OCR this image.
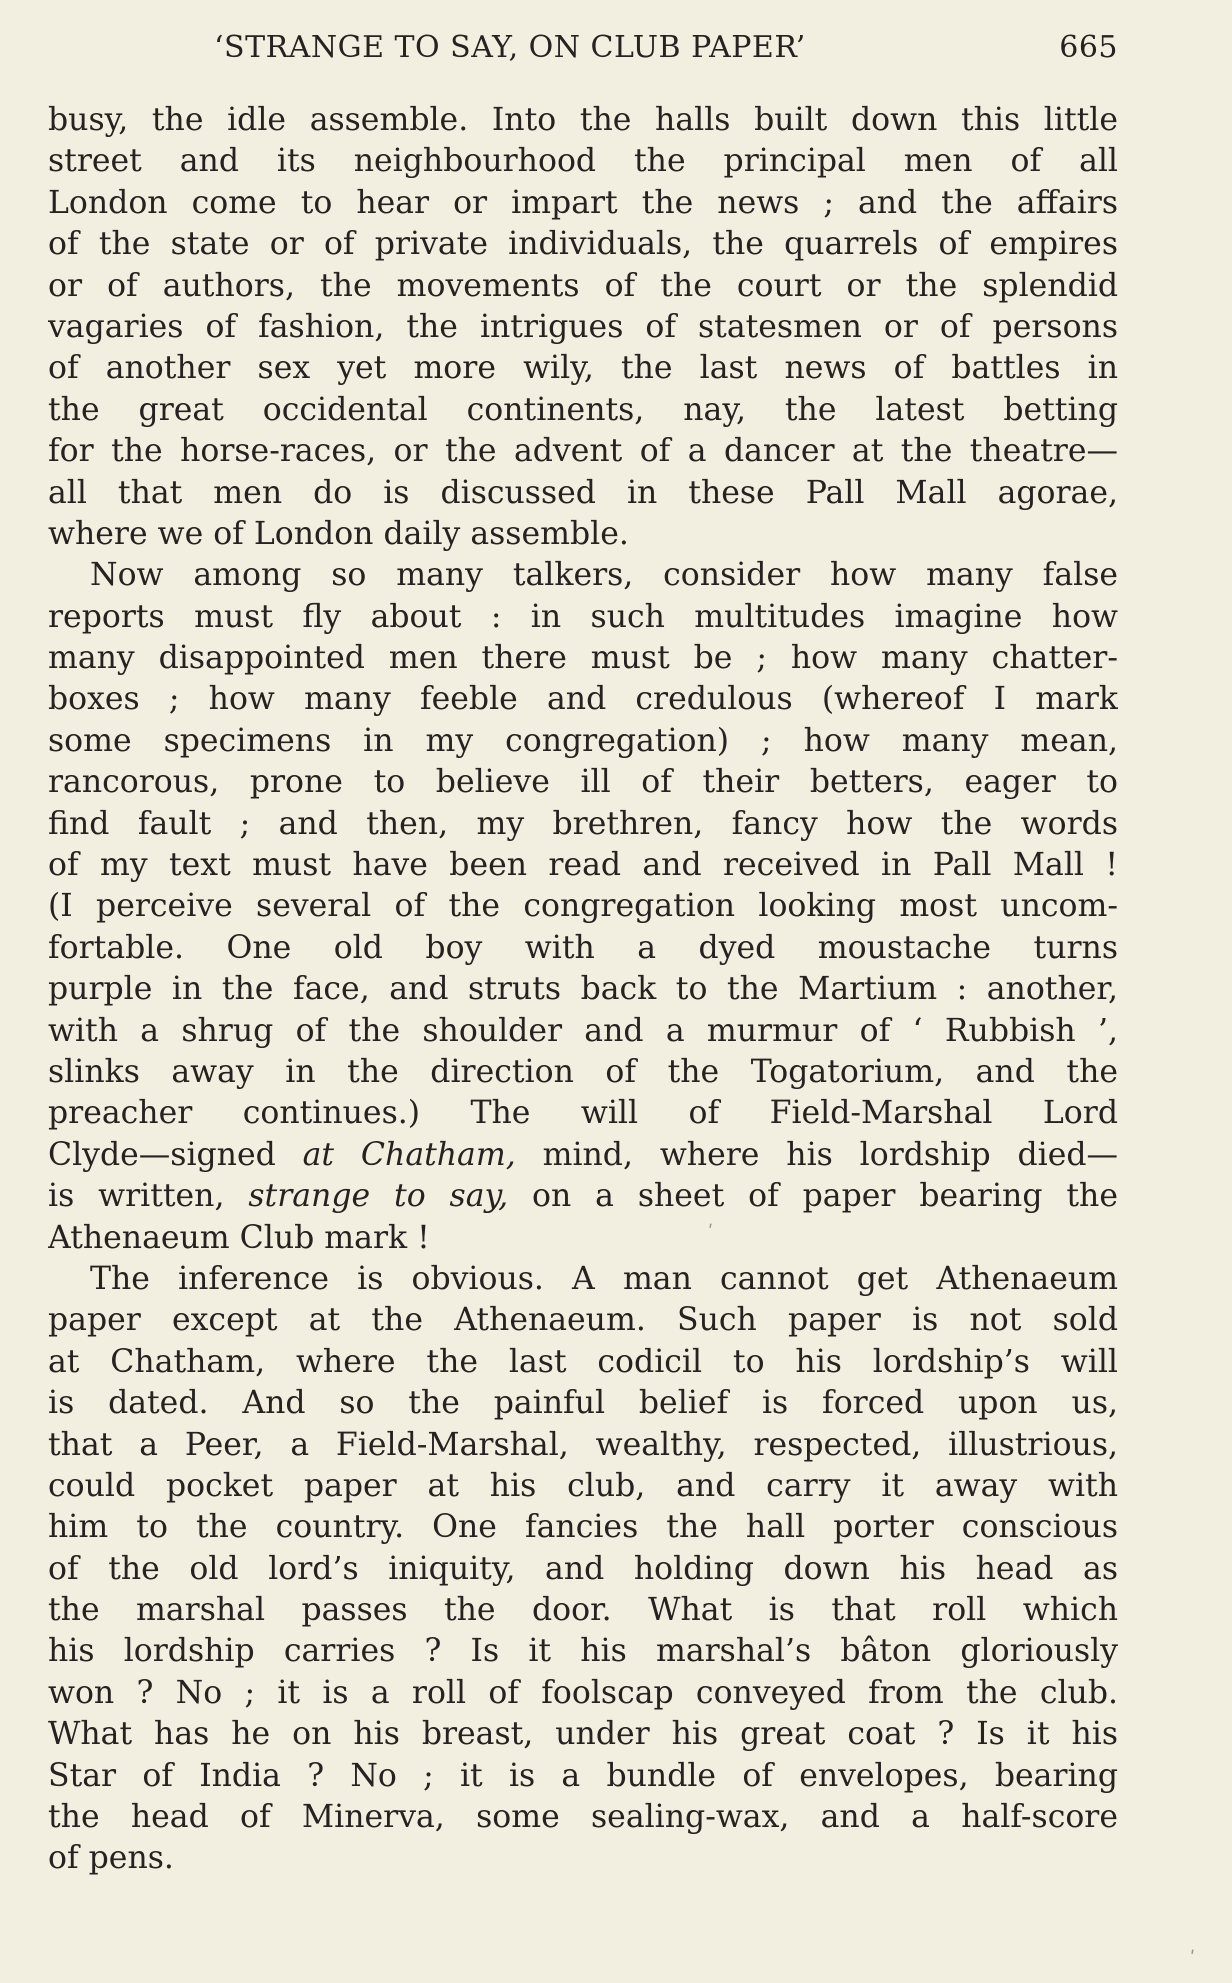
‘STRANGE TO SAY, ON CLUB PAPER’	665
busy, the idle assemble. Into the halls built down this little
street and its neighbourhood the principal men of all
London come to hear or impart the news ; and the affairs
of the state or of private individuals, the quarrels of empires
or of authors, the movements of the court or the splendid
vagaries of fashion, the intrigues of statesmen or of persons
of another sex yet more wily, the last news of battles in
the great occidental continents, nay, the latest betting
for the horse-races, or the advent of a dancer at the theatre—
all that men do is discussed in these Pall Mall agorae,
where we of London daily assemble.
Now among so many talkers, consider how many false
reports must fly about : in such multitudes imagine how
many disappointed men there must be ; how many chatter-
boxes ; how many feeble and credulous (whereof I mark
some specimens in my congregation) ; how many mean,
rancorous, prone to believe ill of their betters, eager to
find fault ; and then, my brethren, fancy how the words
of my text must have been read and received in Pall Mall !
(I perceive several of the congregation looking most uncom-
fortable. One old boy with a dyed moustache turns
purple in the face, and struts back to the Martium : another,
with a shrug of the shoulder and a murmur of ‘ Rubbish ’,
slinks away in the direction of the Togatorium, and the
preacher continues.) The will of Field-Marshal Lord
Clyde—signed at Chatham, mind, where his lordship died—
is written, strange to say, on a sheet of paper bearing the
Athenaeum Club mark !
The inference is obvious. A man cannot get Athenaeum
paper except at the Athenaeum. Such paper is not sold
at Chatham, where the last codicil to his lordship’s will
is dated. And so the painful belief is forced upon us,
that a Peer, a Field-Marshal, wealthy, respected, illustrious,
could pocket paper at his club, and carry it away with
him to the country. One fancies the hall porter conscious
of the old lord’s iniquity, and holding down his head as
the marshal passes the door. What is that roll which
his lordship carries ? Is it his marshal’s bâton gloriously
won ? No ; it is a roll of foolscap conveyed from the club.
What has he on his breast, under his great coat ? Is it his
Star of India ? No ; it is a bundle of envelopes, bearing
the head of Minerva, some sealing-wax, and a half-score
of pens.
ʹ
ʹ
